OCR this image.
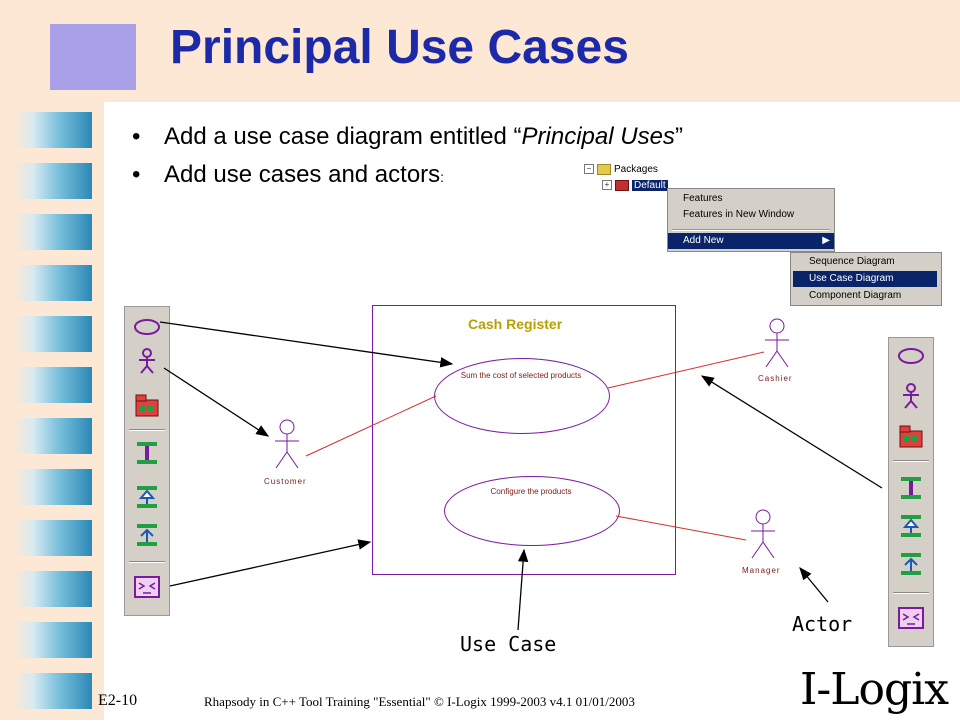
Principal Use Cases
• Add a use case diagram entitled “Principal Uses”
• Add use cases and actors:
− Packages
+ Default
Features
Features in New Window
Add New	▶
Sequence Diagram
Use Case Diagram
Component Diagram
Cash Register
Sum the cost of selected products
Configure the products
Customer
Cashier
Manager
Use Case
Actor
E2-10	Rhapsody in C++ Tool Training "Essential" © I-Logix 1999-2003 v4.1 01/01/2003	I-Logix
